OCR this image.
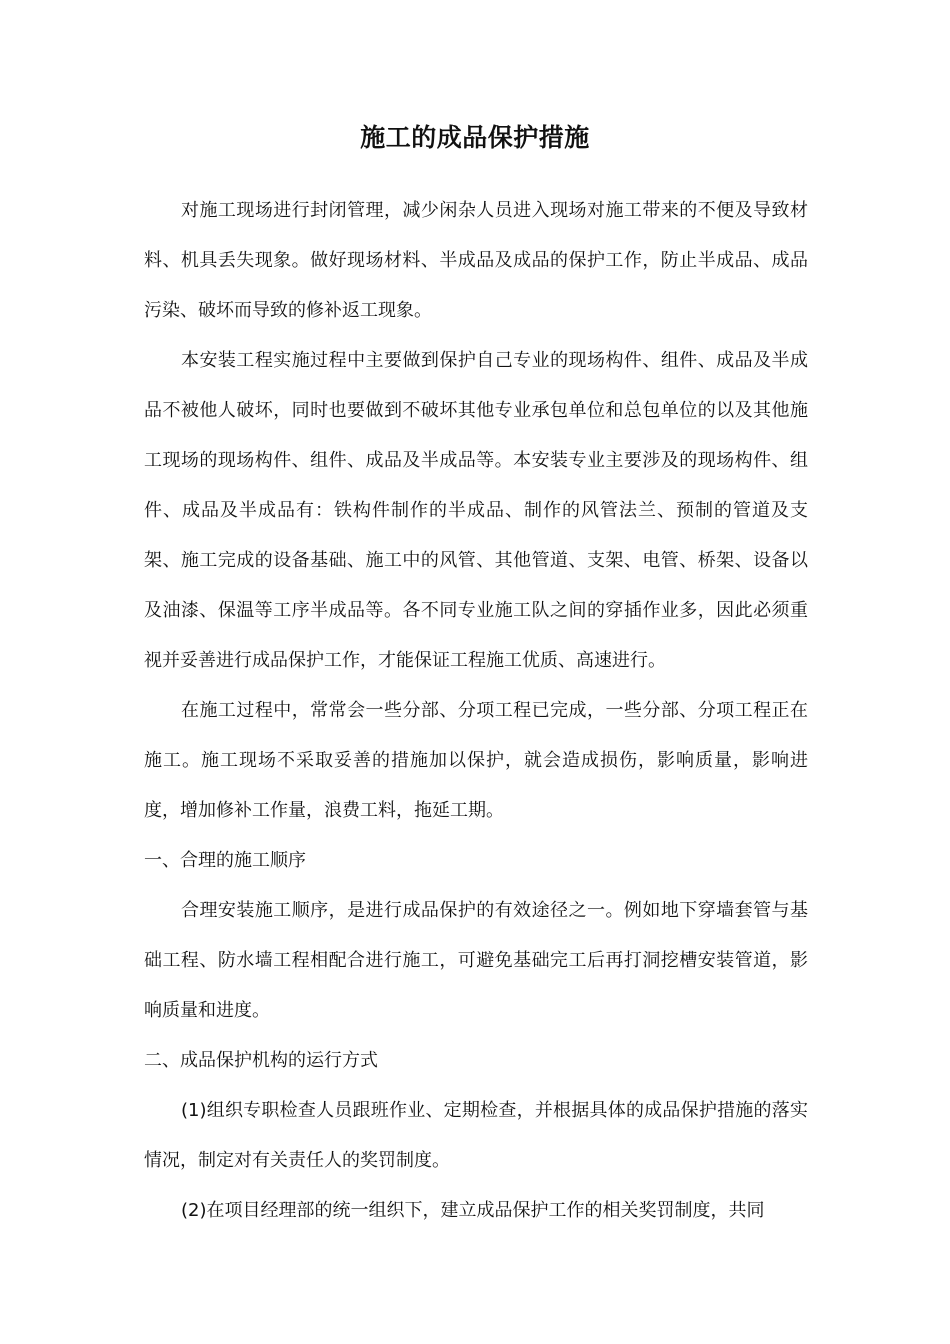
施工的成品保护措施

对施工现场进行封闭管理，减少闲杂人员进入现场对施工带来的不便及导致材料、机具丢失现象。做好现场材料、半成品及成品的保护工作，防止半成品、成品污染、破坏而导致的修补返工现象。

本安装工程实施过程中主要做到保护自己专业的现场构件、组件、成品及半成品不被他人破坏，同时也要做到不破坏其他专业承包单位和总包单位的以及其他施工现场的现场构件、组件、成品及半成品等。本安装专业主要涉及的现场构件、组件、成品及半成品有：铁构件制作的半成品、制作的风管法兰、预制的管道及支架、施工完成的设备基础、施工中的风管、其他管道、支架、电管、桥架、设备以及油漆、保温等工序半成品等。各不同专业施工队之间的穿插作业多，因此必须重视并妥善进行成品保护工作，才能保证工程施工优质、高速进行。

在施工过程中，常常会一些分部、分项工程已完成，一些分部、分项工程正在施工。施工现场不采取妥善的措施加以保护，就会造成损伤，影响质量，影响进度，增加修补工作量，浪费工料，拖延工期。

一、合理的施工顺序

合理安装施工顺序，是进行成品保护的有效途径之一。例如地下穿墙套管与基础工程、防水墙工程相配合进行施工，可避免基础完工后再打洞挖槽安装管道，影响质量和进度。

二、成品保护机构的运行方式

(1)组织专职检查人员跟班作业、定期检查，并根据具体的成品保护措施的落实情况，制定对有关责任人的奖罚制度。

(2)在项目经理部的统一组织下，建立成品保护工作的相关奖罚制度，共同
